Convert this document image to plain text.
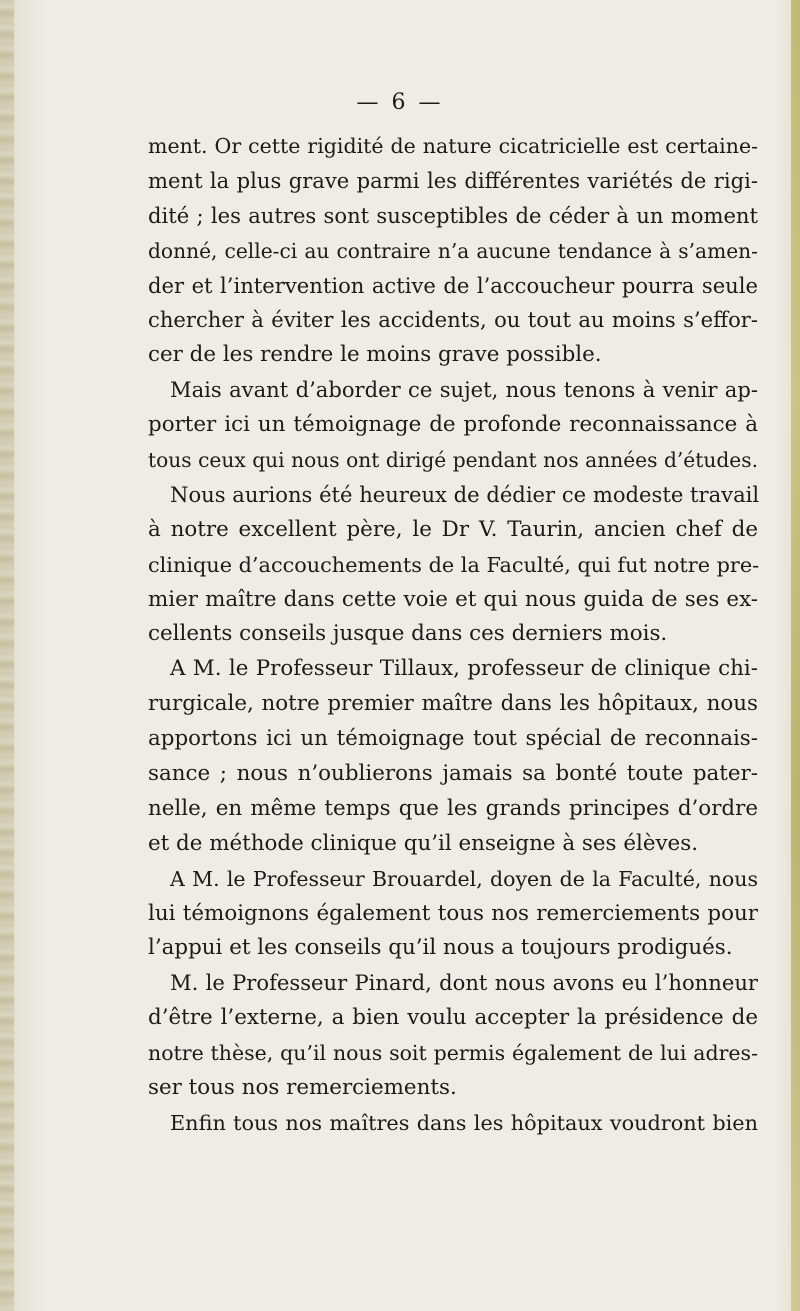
— 6 —
ment. Or cette rigidité de nature cicatricielle est certaine-
ment la plus grave parmi les différentes variétés de rigi-
dité ; les autres sont susceptibles de céder à un moment
donné, celle-ci au contraire n’a aucune tendance à s’amen-
der et l’intervention active de l’accoucheur pourra seule
chercher à éviter les accidents, ou tout au moins s’effor-
cer de les rendre le moins grave possible.
Mais avant d’aborder ce sujet, nous tenons à venir ap-
porter ici un témoignage de profonde reconnaissance à
tous ceux qui nous ont dirigé pendant nos années d’études.
Nous aurions été heureux de dédier ce modeste travail
à notre excellent père, le Dr V. Taurin, ancien chef de
clinique d’accouchements de la Faculté, qui fut notre pre-
mier maître dans cette voie et qui nous guida de ses ex-
cellents conseils jusque dans ces derniers mois.
A M. le Professeur Tillaux, professeur de clinique chi-
rurgicale, notre premier maître dans les hôpitaux, nous
apportons ici un témoignage tout spécial de reconnais-
sance ; nous n’oublierons jamais sa bonté toute pater-
nelle, en même temps que les grands principes d’ordre
et de méthode clinique qu’il enseigne à ses élèves.
A M. le Professeur Brouardel, doyen de la Faculté, nous
lui témoignons également tous nos remerciements pour
l’appui et les conseils qu’il nous a toujours prodigués.
M. le Professeur Pinard, dont nous avons eu l’honneur
d’être l’externe, a bien voulu accepter la présidence de
notre thèse, qu’il nous soit permis également de lui adres-
ser tous nos remerciements.
Enfin tous nos maîtres dans les hôpitaux voudront bien
